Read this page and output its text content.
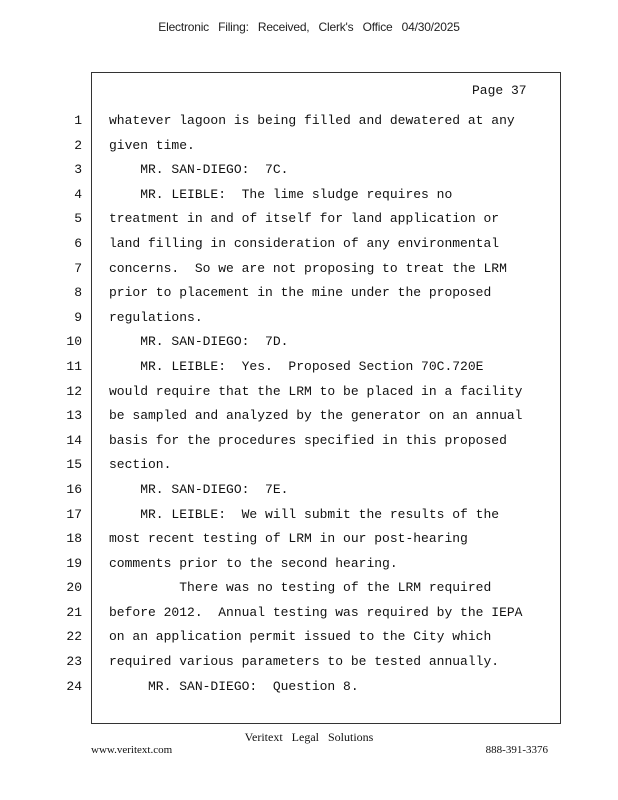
Electronic Filing: Received, Clerk's Office 04/30/2025
Page 37
1
2
3
4
5
6
7
8
9
10
11
12
13
14
15
16
17
18
19
20
21
22
23
24
whatever lagoon is being filled and dewatered at any
given time.
MR. SAN-DIEGO:  7C.
MR. LEIBLE:  The lime sludge requires no
treatment in and of itself for land application or
land filling in consideration of any environmental
concerns.  So we are not proposing to treat the LRM
prior to placement in the mine under the proposed
regulations.
MR. SAN-DIEGO:  7D.
MR. LEIBLE:  Yes.  Proposed Section 70C.720E
would require that the LRM to be placed in a facility
be sampled and analyzed by the generator on an annual
basis for the procedures specified in this proposed
section.
MR. SAN-DIEGO:  7E.
MR. LEIBLE:  We will submit the results of the
most recent testing of LRM in our post-hearing
comments prior to the second hearing.
There was no testing of the LRM required
before 2012.  Annual testing was required by the IEPA
on an application permit issued to the City which
required various parameters to be tested annually.
MR. SAN-DIEGO:  Question 8.
Veritext Legal Solutions
www.veritext.com	888-391-3376
